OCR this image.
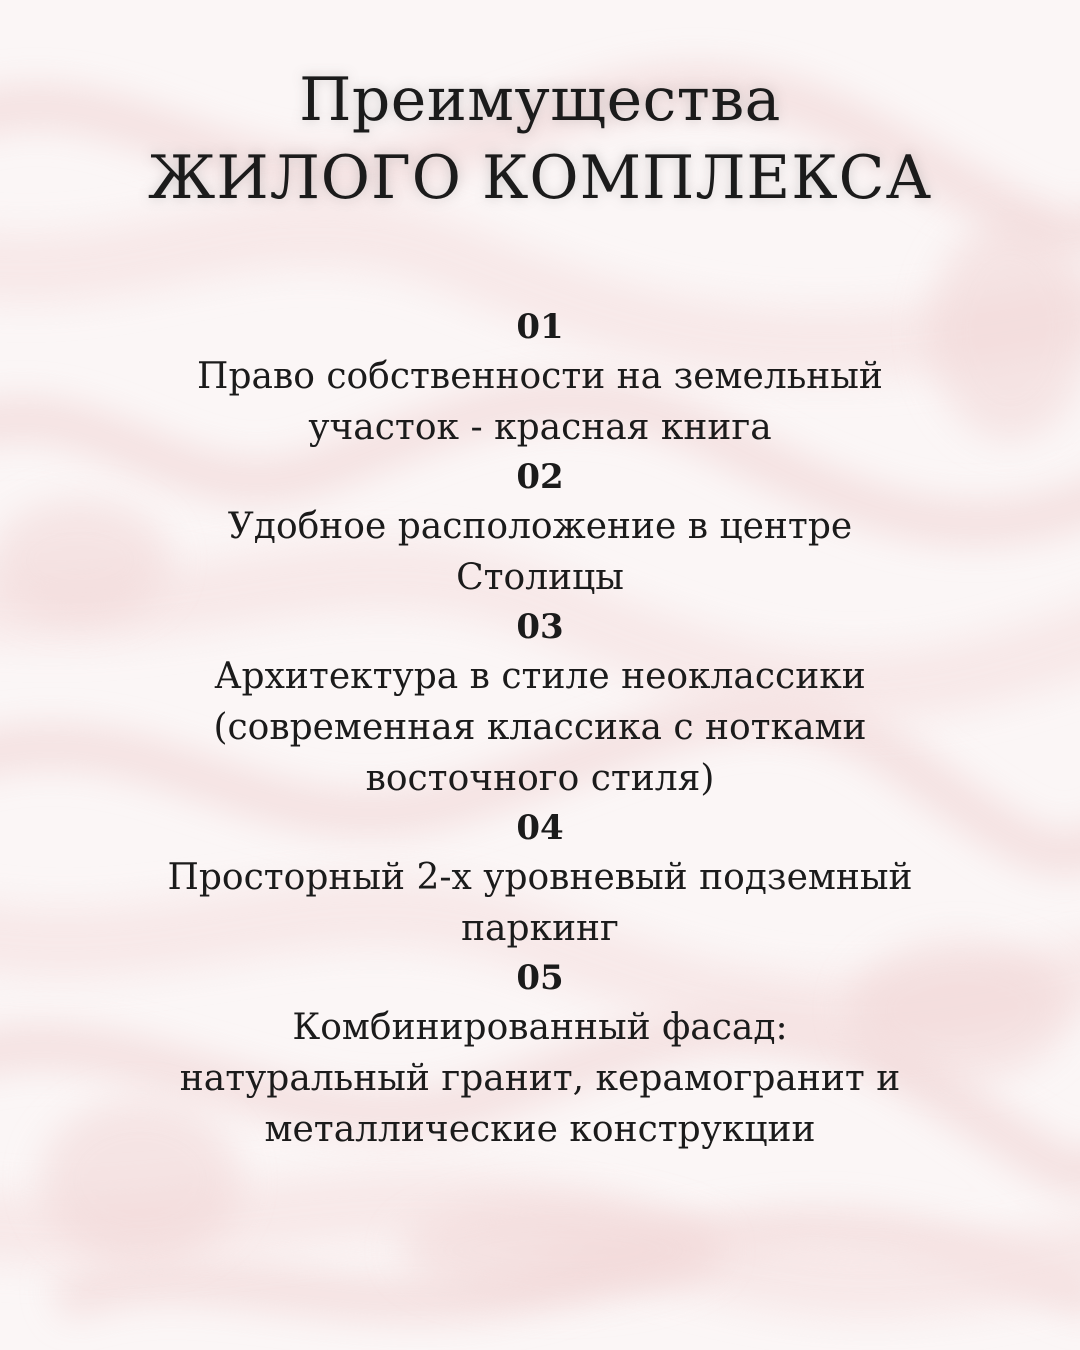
Преимущества
ЖИЛОГО КОМПЛЕКСА
01
Право собственности на земельный
участок - красная книга
02
Удобное расположение в центре
Столицы
03
Архитектура в стиле неоклассики
(современная классика с нотками
восточного стиля)
04
Просторный 2-х уровневый подземный
паркинг
05
Комбинированный фасад:
натуральный гранит, керамогранит и
металлические конструкции
